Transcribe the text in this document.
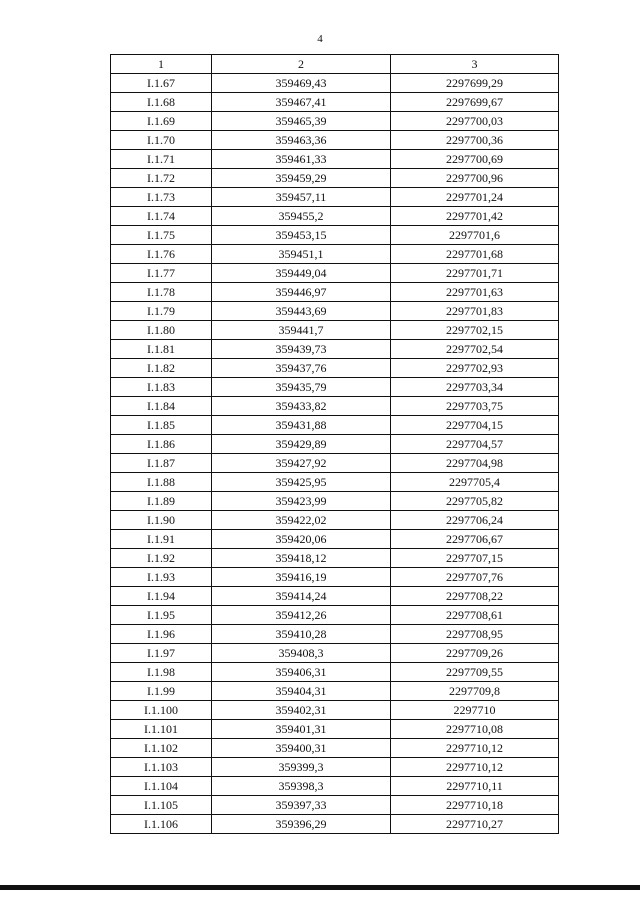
4
1	2	3
I.1.67	359469,43	2297699,29
I.1.68	359467,41	2297699,67
I.1.69	359465,39	2297700,03
I.1.70	359463,36	2297700,36
I.1.71	359461,33	2297700,69
I.1.72	359459,29	2297700,96
I.1.73	359457,11	2297701,24
I.1.74	359455,2	2297701,42
I.1.75	359453,15	2297701,6
I.1.76	359451,1	2297701,68
I.1.77	359449,04	2297701,71
I.1.78	359446,97	2297701,63
I.1.79	359443,69	2297701,83
I.1.80	359441,7	2297702,15
I.1.81	359439,73	2297702,54
I.1.82	359437,76	2297702,93
I.1.83	359435,79	2297703,34
I.1.84	359433,82	2297703,75
I.1.85	359431,88	2297704,15
I.1.86	359429,89	2297704,57
I.1.87	359427,92	2297704,98
I.1.88	359425,95	2297705,4
I.1.89	359423,99	2297705,82
I.1.90	359422,02	2297706,24
I.1.91	359420,06	2297706,67
I.1.92	359418,12	2297707,15
I.1.93	359416,19	2297707,76
I.1.94	359414,24	2297708,22
I.1.95	359412,26	2297708,61
I.1.96	359410,28	2297708,95
I.1.97	359408,3	2297709,26
I.1.98	359406,31	2297709,55
I.1.99	359404,31	2297709,8
I.1.100	359402,31	2297710
I.1.101	359401,31	2297710,08
I.1.102	359400,31	2297710,12
I.1.103	359399,3	2297710,12
I.1.104	359398,3	2297710,11
I.1.105	359397,33	2297710,18
I.1.106	359396,29	2297710,27
